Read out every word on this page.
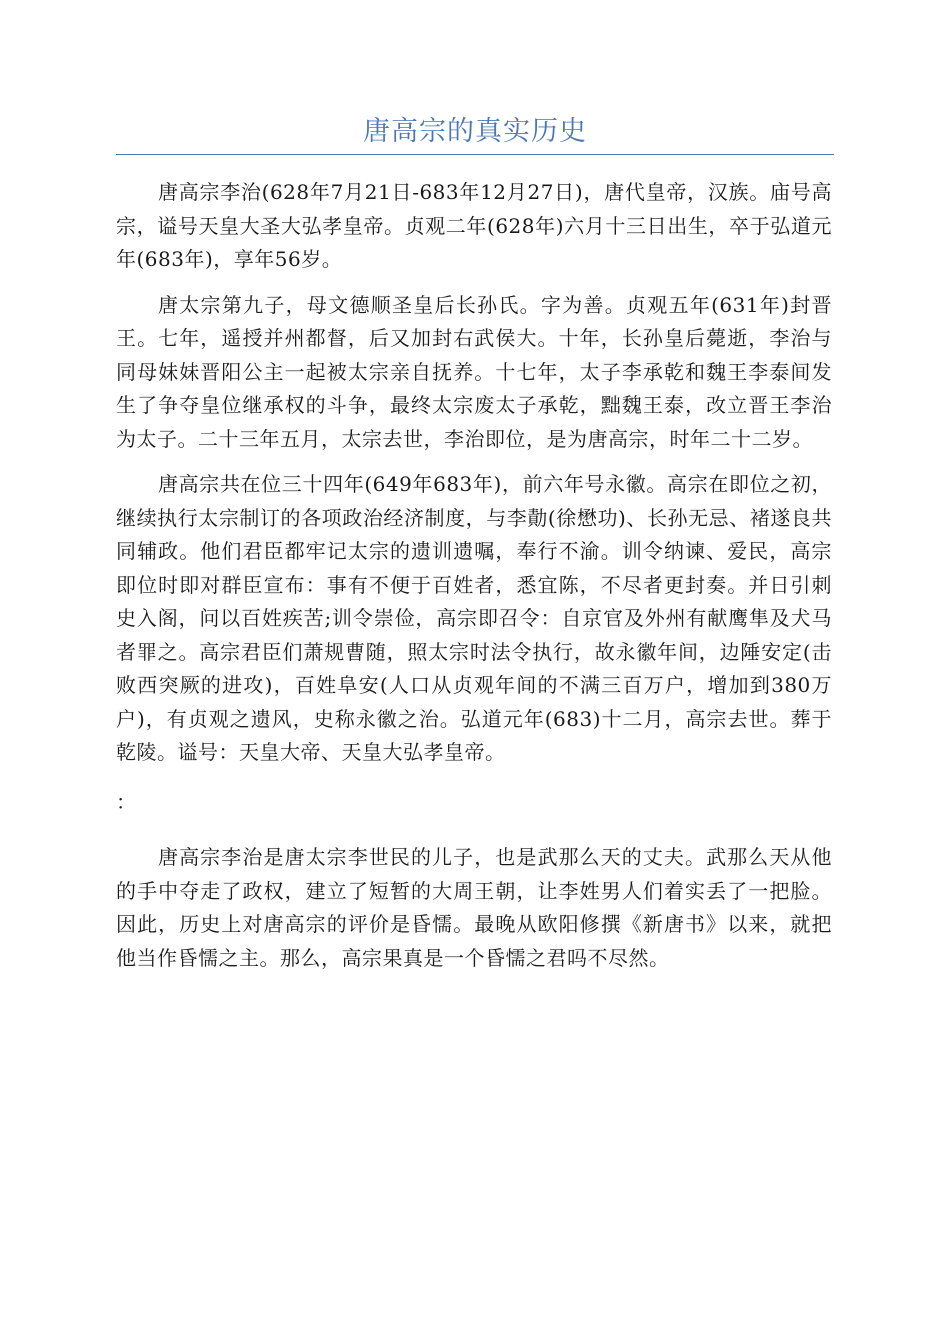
唐高宗的真实历史

唐高宗李治(628年7月21日-683年12月27日)，唐代皇帝，汉族。庙号高宗，谥号天皇大圣大弘孝皇帝。贞观二年(628年)六月十三日出生，卒于弘道元年(683年)，享年56岁。

唐太宗第九子，母文德顺圣皇后长孙氏。字为善。贞观五年(631年)封晋王。七年，遥授并州都督，后又加封右武侯大。十年，长孙皇后薨逝，李治与同母妹妹晋阳公主一起被太宗亲自抚养。十七年，太子李承乾和魏王李泰间发生了争夺皇位继承权的斗争，最终太宗废太子承乾，黜魏王泰，改立晋王李治为太子。二十三年五月，太宗去世，李治即位，是为唐高宗，时年二十二岁。

唐高宗共在位三十四年(649年683年)，前六年号永徽。高宗在即位之初，继续执行太宗制订的各项政治经济制度，与李勣(徐懋功)、长孙无忌、褚遂良共同辅政。他们君臣都牢记太宗的遗训遗嘱，奉行不渝。训令纳谏、爱民，高宗即位时即对群臣宣布：事有不便于百姓者，悉宜陈，不尽者更封奏。并日引刺史入阁，问以百姓疾苦;训令崇俭，高宗即召令：自京官及外州有献鹰隼及犬马者罪之。高宗君臣们萧规曹随，照太宗时法令执行，故永徽年间，边陲安定(击败西突厥的进攻)，百姓阜安(人口从贞观年间的不满三百万户，增加到380万户)，有贞观之遗风，史称永徽之治。弘道元年(683)十二月，高宗去世。葬于乾陵。谥号：天皇大帝、天皇大弘孝皇帝。

：

唐高宗李治是唐太宗李世民的儿子，也是武那么天的丈夫。武那么天从他的手中夺走了政权，建立了短暂的大周王朝，让李姓男人们着实丢了一把脸。因此，历史上对唐高宗的评价是昏懦。最晚从欧阳修撰《新唐书》以来，就把他当作昏懦之主。那么，高宗果真是一个昏懦之君吗不尽然。
